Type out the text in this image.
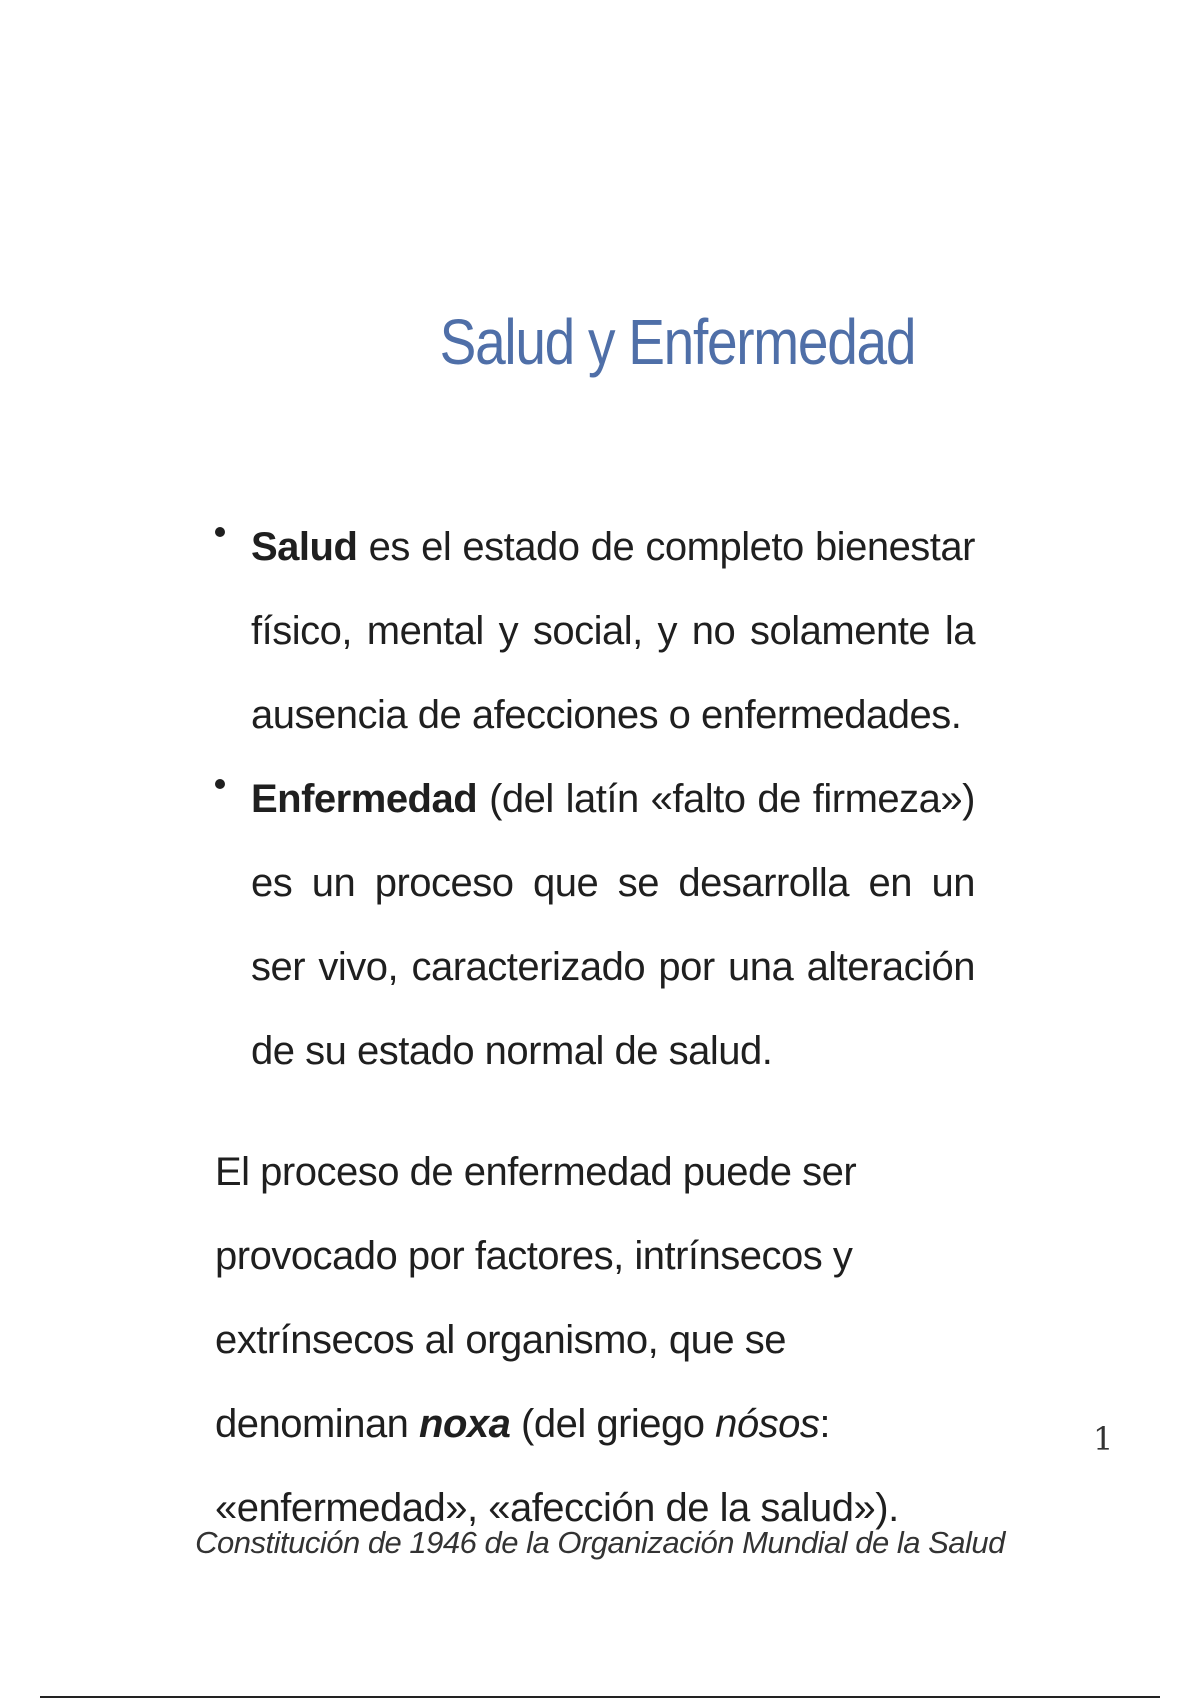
Salud y Enfermedad
Salud es el estado de completo bienestar físico, mental y social, y no solamente la ausencia de afecciones o enfermedades.
Enfermedad (del latín «falto de firmeza») es un proceso que se desarrolla en un ser vivo, caracterizado por una alteración de su estado normal de salud.
El proceso de enfermedad puede ser provocado por factores, intrínsecos y extrínsecos al organismo, que se denominan noxa (del griego nósos: «enfermedad», «afección de la salud»).
1
Constitución de 1946 de la Organización Mundial de la Salud
